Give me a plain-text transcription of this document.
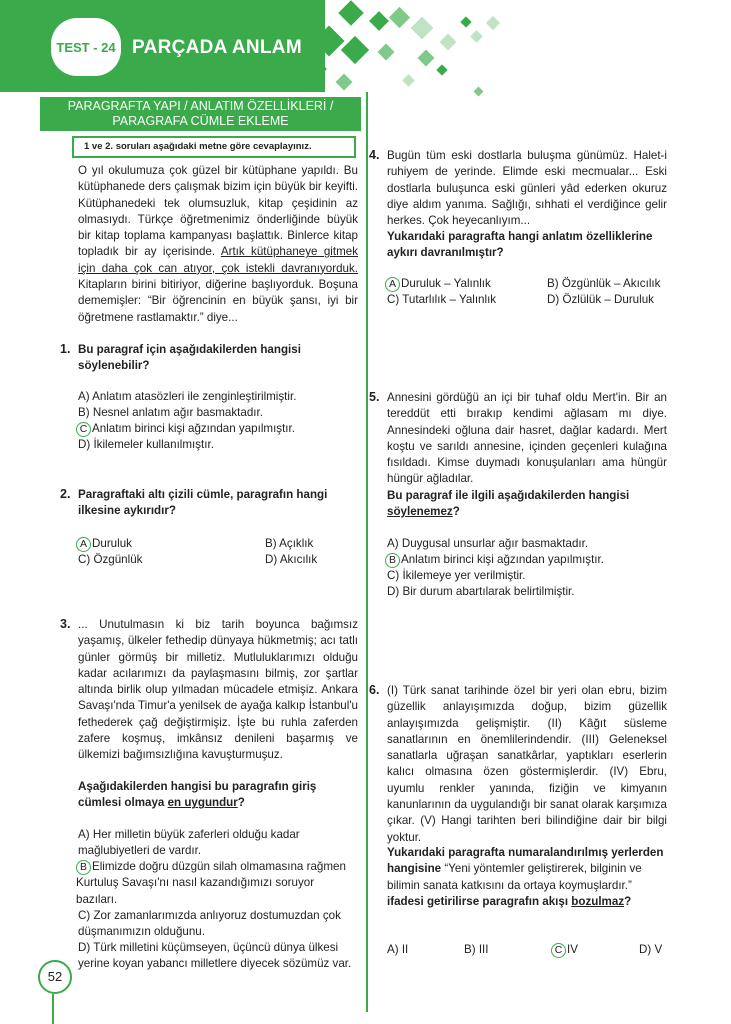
TEST - 24 PARÇADA ANLAM
PARAGRAFTA YAPI / ANLATIM ÖZELLİKLERİ /
PARAGRAFA CÜMLE EKLEME
1 ve 2. soruları aşağıdaki metne göre cevaplayınız.
O yıl okulumuza çok güzel bir kütüphane yapıldı. Bu kütüphanede ders çalışmak bizim için büyük bir keyifti. Kütüphanedeki tek olumsuzluk, kitap çeşidinin az olmasıydı. Türkçe öğretmenimiz önderliğinde büyük bir kitap toplama kampanyası başlattık. Binlerce kitap topladık bir ay içerisinde. Artık kütüphaneye gitmek için daha çok can atıyor, çok istekli davranıyorduk. Kitapların birini bitiriyor, diğerine başlıyorduk. Boşuna dememişler: “Bir öğrencinin en büyük şansı, iyi bir öğretmene rastlamaktır.” diye...
1. Bu paragraf için aşağıdakilerden hangisi söylenebilir?
A) Anlatım atasözleri ile zenginleştirilmiştir.
B) Nesnel anlatım ağır basmaktadır.
C Anlatım birinci kişi ağzından yapılmıştır.
D) İkilemeler kullanılmıştır.
2. Paragraftaki altı çizili cümle, paragrafın hangi ilkesine aykırıdır?
A Duruluk	B) Açıklık
C) Özgünlük	D) Akıcılık
3. ... Unutulmasın ki biz tarih boyunca bağımsız yaşamış, ülkeler fethedip dünyaya hükmetmiş; acı tatlı günler görmüş bir milletiz. Mutluluklarımızı olduğu kadar acılarımızı da paylaşmasını bilmiş, zor şartlar altında birlik olup yılmadan mücadele etmişiz. Ankara Savaşı'nda Timur'a yenilsek de ayağa kalkıp İstanbul'u fethederek çağ değiştirmişiz. İşte bu ruhla zaferden zafere koşmuş, imkânsız denileni başarmış ve ülkemizi bağımsızlığına kavuşturmuşuz.
Aşağıdakilerden hangisi bu paragrafın giriş cümlesi olmaya en uygundur?
A) Her milletin büyük zaferleri olduğu kadar mağlubiyetleri de vardır.
B Elimizde doğru düzgün silah olmamasına rağmen Kurtuluş Savaşı'nı nasıl kazandığımızı soruyor bazıları.
C) Zor zamanlarımızda anlıyoruz dostumuzdan çok düşmanımızın olduğunu.
D) Türk milletini küçümseyen, üçüncü dünya ülkesi yerine koyan yabancı milletlere diyecek sözümüz var.
52
4. Bugün tüm eski dostlarla buluşma günümüz. Halet-i ruhiyem de yerinde. Elimde eski mecmualar... Eski dostlarla buluşunca eski günleri yâd ederken okuruz diye aldım yanıma. Sağlığı, sıhhati el verdiğince gelir herkes. Çok heyecanlıyım...
Yukarıdaki paragrafta hangi anlatım özelliklerine aykırı davranılmıştır?
A Duruluk – Yalınlık	B) Özgünlük – Akıcılık
C) Tutarlılık – Yalınlık	D) Özlülük – Duruluk
5. Annesini gördüğü an içi bir tuhaf oldu Mert'in. Bir an tereddüt etti bırakıp kendimi ağlasam mı diye. Annesindeki oğluna dair hasret, dağlar kadardı. Mert koştu ve sarıldı annesine, içinden geçenleri kulağına fısıldadı. Kimse duymadı konuşulanları ama hüngür hüngür ağladılar.
Bu paragraf ile ilgili aşağıdakilerden hangisi söylenemez?
A) Duygusal unsurlar ağır basmaktadır.
B Anlatım birinci kişi ağzından yapılmıştır.
C) İkilemeye yer verilmiştir.
D) Bir durum abartılarak belirtilmiştir.
6. (I) Türk sanat tarihinde özel bir yeri olan ebru, bizim güzellik anlayışımızda doğup, bizim güzellik anlayışımızda gelişmiştir. (II) Kâğıt süsleme sanatlarının en önemlilerindendir. (III) Geleneksel sanatlarla uğraşan sanatkârlar, yaptıkları eserlerin kalıcı olmasına özen göstermişlerdir. (IV) Ebru, uyumlu renkler yanında, fiziğin ve kimyanın kanunlarının da uygulandığı bir sanat olarak karşımıza çıkar. (V) Hangi tarihten beri bilindiğine dair bir bilgi yoktur.
Yukarıdaki paragrafta numaralandırılmış yerlerden hangisine “Yeni yöntemler geliştirerek, bilginin ve bilimin sanata katkısını da ortaya koymuşlardır.” ifadesi getirilirse paragrafın akışı bozulmaz?
A) II	B) III	C IV	D) V
